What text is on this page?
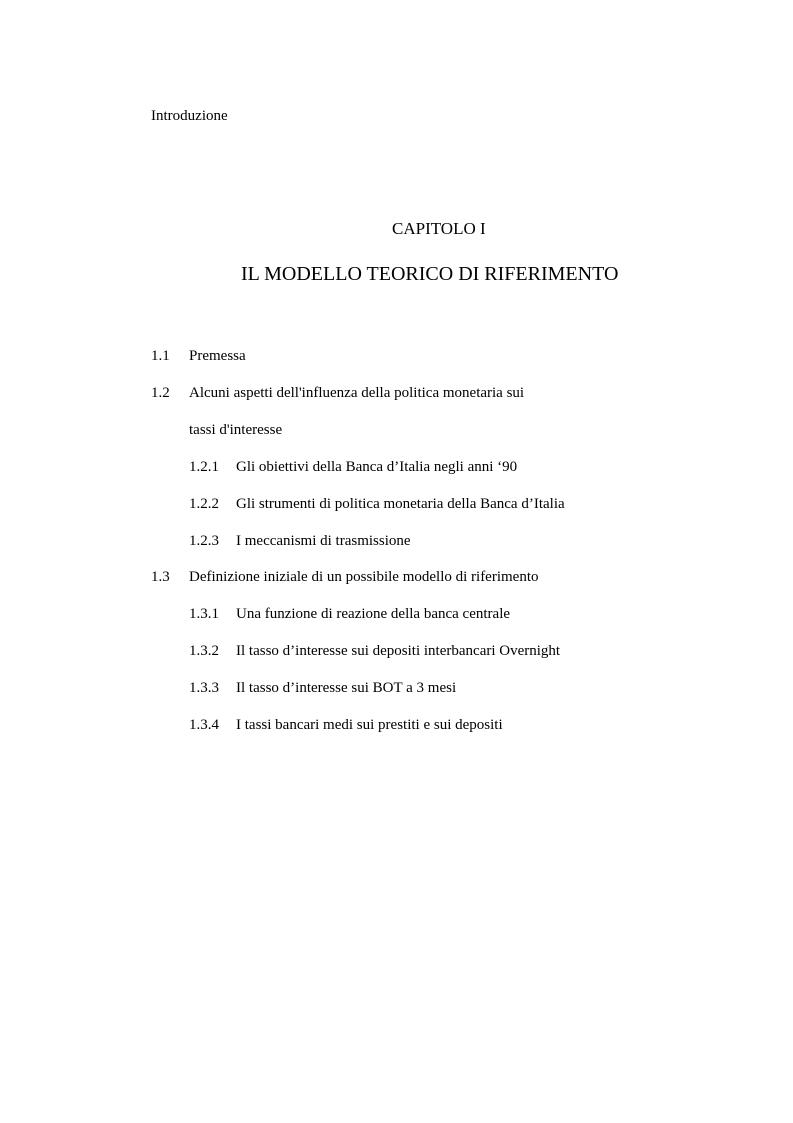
Introduzione
CAPITOLO I
IL MODELLO TEORICO DI RIFERIMENTO
1.1 Premessa
1.2 Alcuni aspetti dell'influenza della politica monetaria sui
tassi d'interesse
1.2.1 Gli obiettivi della Banca d’Italia negli anni ‘90
1.2.2 Gli strumenti di politica monetaria della Banca d’Italia
1.2.3 I meccanismi di trasmissione
1.3 Definizione iniziale di un possibile modello di riferimento
1.3.1 Una funzione di reazione della banca centrale
1.3.2 Il tasso d’interesse sui depositi interbancari Overnight
1.3.3 Il tasso d’interesse sui BOT a 3 mesi
1.3.4 I tassi bancari medi sui prestiti e sui depositi
